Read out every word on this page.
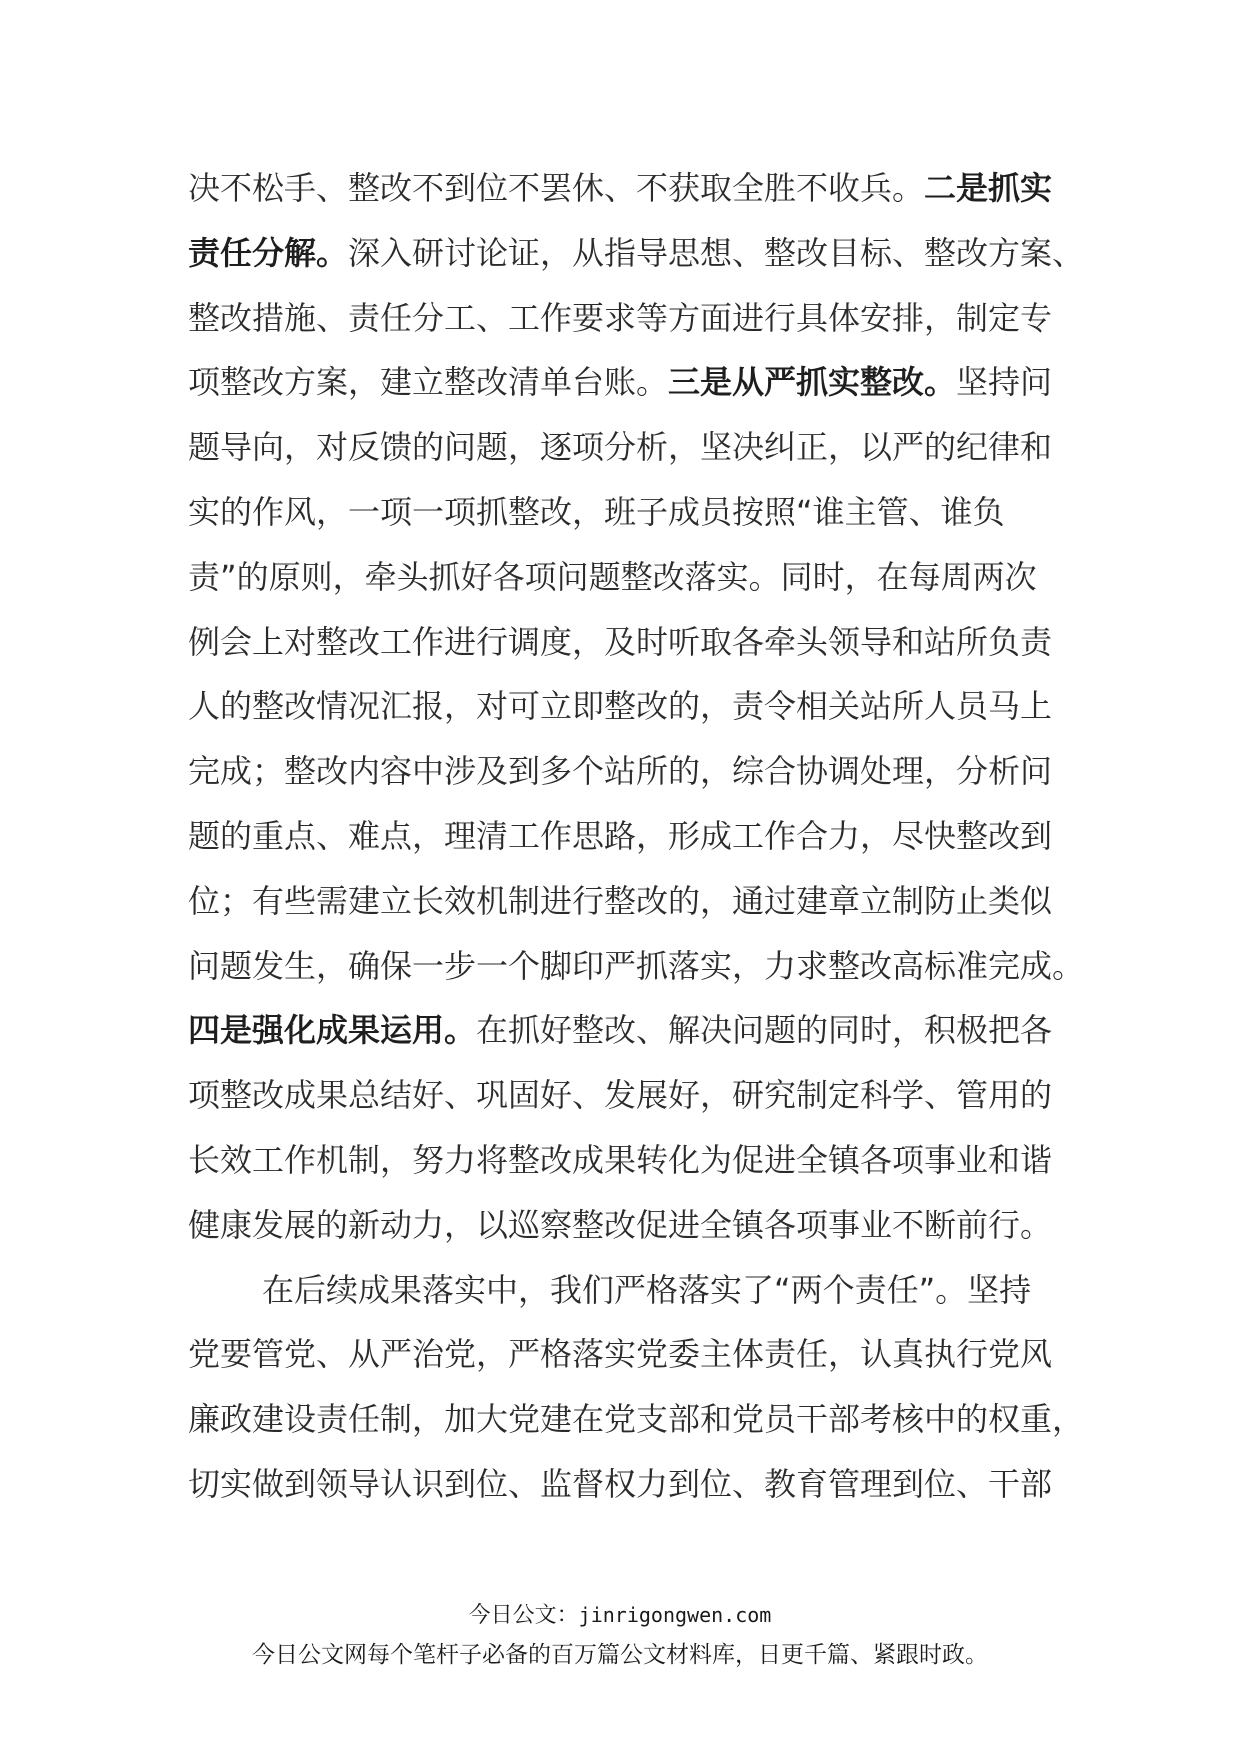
决不松手、整改不到位不罢休、不获取全胜不收兵。二是抓实
责任分解。深入研讨论证，从指导思想、整改目标、整改方案、
整改措施、责任分工、工作要求等方面进行具体安排，制定专
项整改方案，建立整改清单台账。三是从严抓实整改。坚持问
题导向，对反馈的问题，逐项分析，坚决纠正，以严的纪律和
实的作风，一项一项抓整改，班子成员按照“谁主管、谁负
责”的原则，牵头抓好各项问题整改落实。同时，在每周两次
例会上对整改工作进行调度，及时听取各牵头领导和站所负责
人的整改情况汇报，对可立即整改的，责令相关站所人员马上
完成；整改内容中涉及到多个站所的，综合协调处理，分析问
题的重点、难点，理清工作思路，形成工作合力，尽快整改到
位；有些需建立长效机制进行整改的，通过建章立制防止类似
问题发生，确保一步一个脚印严抓落实，力求整改高标准完成。
四是强化成果运用。在抓好整改、解决问题的同时，积极把各
项整改成果总结好、巩固好、发展好，研究制定科学、管用的
长效工作机制，努力将整改成果转化为促进全镇各项事业和谐
健康发展的新动力，以巡察整改促进全镇各项事业不断前行。
在后续成果落实中，我们严格落实了“两个责任”。坚持
党要管党、从严治党，严格落实党委主体责任，认真执行党风
廉政建设责任制，加大党建在党支部和党员干部考核中的权重，
切实做到领导认识到位、监督权力到位、教育管理到位、干部
今日公文：jinrigongwen.com
今日公文网每个笔杆子必备的百万篇公文材料库，日更千篇、紧跟时政。
